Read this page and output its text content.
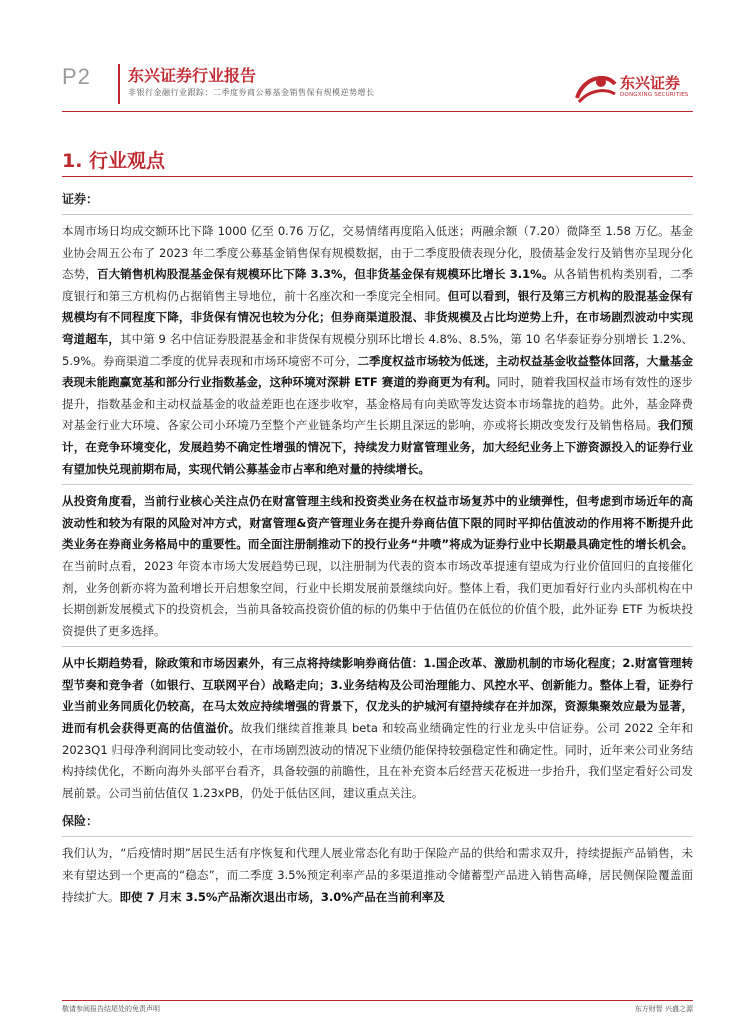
P2 东兴证券行业报告
非银行金融行业跟踪：二季度券商公募基金销售保有规模逆势增长
东兴证券
DONGXING SECURITIES
1. 行业观点

证券：

本周市场日均成交额环比下降 1000 亿至 0.76 万亿，交易情绪再度陷入低迷；两融余额（7.20）微降至 1.58 万亿。基金业协会周五公布了 2023 年二季度公募基金销售保有规模数据，由于二季度股债表现分化，股债基金发行及销售亦呈现分化态势，百大销售机构股混基金保有规模环比下降 3.3%，但非货基金保有规模环比增长 3.1%。从各销售机构类别看，二季度银行和第三方机构仍占据销售主导地位，前十名座次和一季度完全相同。但可以看到，银行及第三方机构的股混基金保有规模均有不同程度下降，非货保有情况也较为分化；但券商渠道股混、非货规模及占比均逆势上升，在市场剧烈波动中实现弯道超车，其中第 9 名中信证券股混基金和非货保有规模分别环比增长 4.8%、8.5%，第 10 名华泰证券分别增长 1.2%、5.9%。券商渠道二季度的优异表现和市场环境密不可分，二季度权益市场较为低迷，主动权益基金收益整体回落，大量基金表现未能跑赢宽基和部分行业指数基金，这种环境对深耕 ETF 赛道的券商更为有利。同时，随着我国权益市场有效性的逐步提升，指数基金和主动权益基金的收益差距也在逐步收窄，基金格局有向美欧等发达资本市场靠拢的趋势。此外，基金降费对基金行业大环境、各家公司小环境乃至整个产业链条均产生长期且深远的影响，亦或将长期改变发行及销售格局。我们预计，在竞争环境变化，发展趋势不确定性增强的情况下，持续发力财富管理业务，加大经纪业务上下游资源投入的证券行业有望加快兑现前期布局，实现代销公募基金市占率和绝对量的持续增长。

从投资角度看，当前行业核心关注点仍在财富管理主线和投资类业务在权益市场复苏中的业绩弹性，但考虑到市场近年的高波动性和较为有限的风险对冲方式，财富管理&资产管理业务在提升券商估值下限的同时平抑估值波动的作用将不断提升此类业务在券商业务格局中的重要性。而全面注册制推动下的投行业务“井喷”将成为证券行业中长期最具确定性的增长机会。在当前时点看，2023 年资本市场大发展趋势已现，以注册制为代表的资本市场改革提速有望成为行业价值回归的直接催化剂，业务创新亦将为盈利增长开启想象空间，行业中长期发展前景继续向好。整体上看，我们更加看好行业内头部机构在中长期创新发展模式下的投资机会，当前具备较高投资价值的标的仍集中于估值仍在低位的价值个股，此外证券 ETF 为板块投资提供了更多选择。

从中长期趋势看，除政策和市场因素外，有三点将持续影响券商估值：1.国企改革、激励机制的市场化程度；2.财富管理转型节奏和竞争者（如银行、互联网平台）战略走向；3.业务结构及公司治理能力、风控水平、创新能力。整体上看，证券行业当前业务同质化仍较高，在马太效应持续增强的背景下，仅龙头的护城河有望持续存在并加深，资源集聚效应最为显著，进而有机会获得更高的估值溢价。故我们继续首推兼具 beta 和较高业绩确定性的行业龙头中信证券。公司 2022 全年和 2023Q1 归母净利润同比变动较小，在市场剧烈波动的情况下业绩仍能保持较强稳定性和确定性。同时，近年来公司业务结构持续优化，不断向海外头部平台看齐，具备较强的前瞻性，且在补充资本后经营天花板进一步抬升，我们坚定看好公司发展前景。公司当前估值仅 1.23xPB，仍处于低估区间，建议重点关注。

保险：

我们认为，“后疫情时期”居民生活有序恢复和代理人展业常态化有助于保险产品的供给和需求双升，持续提振产品销售，未来有望达到一个更高的“稳态”，而二季度 3.5%预定利率产品的多渠道推动令储蓄型产品进入销售高峰，居民侧保险覆盖面持续扩大。即使 7 月末 3.5%产品渐次退出市场，3.0%产品在当前利率及

敬请参阅报告结尾处的免责声明	东方财智 兴盛之源
